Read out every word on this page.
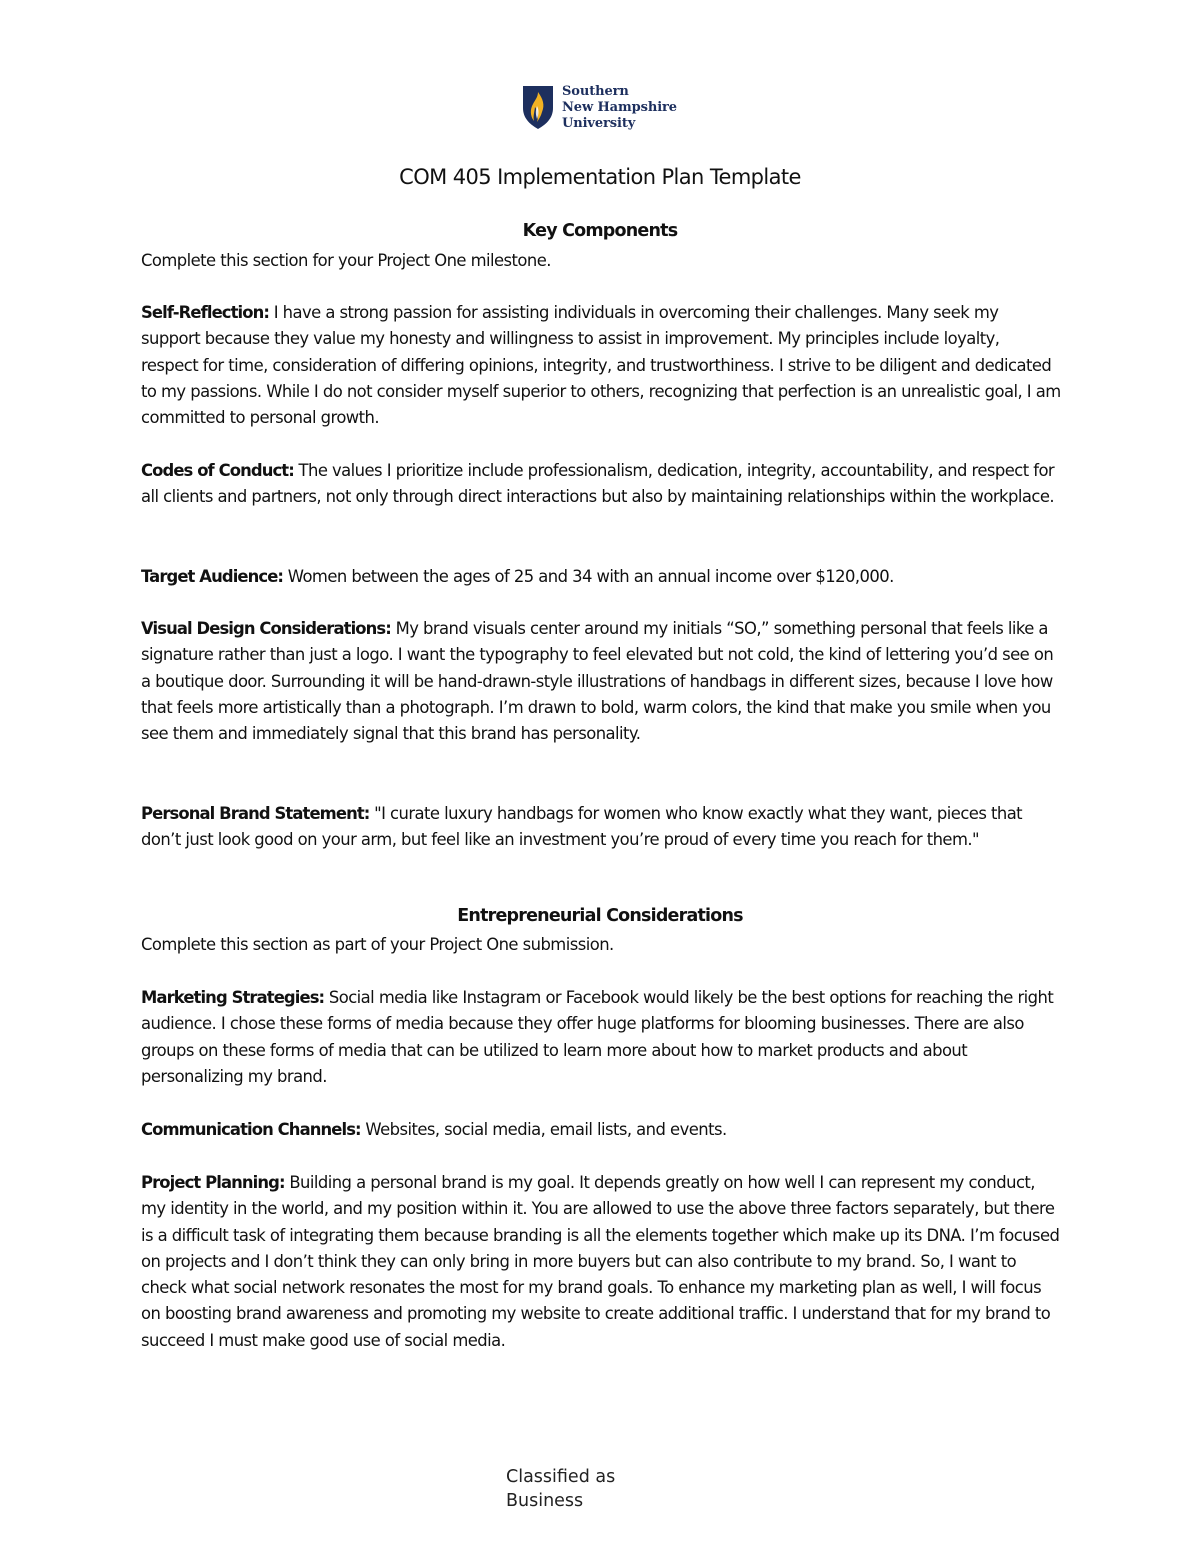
Southern
New Hampshire
University
COM 405 Implementation Plan Template
Key Components

Complete this section for your Project One milestone.

Self-Reflection: I have a strong passion for assisting individuals in overcoming their challenges. Many seek my support because they value my honesty and willingness to assist in improvement. My principles include loyalty, respect for time, consideration of differing opinions, integrity, and trustworthiness. I strive to be diligent and dedicated to my passions. While I do not consider myself superior to others, recognizing that perfection is an unrealistic goal, I am committed to personal growth.

Codes of Conduct: The values I prioritize include professionalism, dedication, integrity, accountability, and respect for all clients and partners, not only through direct interactions but also by maintaining relationships within the workplace.

Target Audience: Women between the ages of 25 and 34 with an annual income over $120,000.

Visual Design Considerations: My brand visuals center around my initials “SO,” something personal that feels like a signature rather than just a logo. I want the typography to feel elevated but not cold, the kind of lettering you’d see on a boutique door. Surrounding it will be hand-drawn-style illustrations of handbags in different sizes, because I love how that feels more artistically than a photograph. I’m drawn to bold, warm colors, the kind that make you smile when you see them and immediately signal that this brand has personality.

Personal Brand Statement: "I curate luxury handbags for women who know exactly what they want, pieces that don’t just look good on your arm, but feel like an investment you’re proud of every time you reach for them."

Entrepreneurial Considerations

Complete this section as part of your Project One submission.

Marketing Strategies: Social media like Instagram or Facebook would likely be the best options for reaching the right audience. I chose these forms of media because they offer huge platforms for blooming businesses. There are also groups on these forms of media that can be utilized to learn more about how to market products and about personalizing my brand.

Communication Channels: Websites, social media, email lists, and events.

Project Planning: Building a personal brand is my goal. It depends greatly on how well I can represent my conduct, my identity in the world, and my position within it. You are allowed to use the above three factors separately, but there is a difficult task of integrating them because branding is all the elements together which make up its DNA. I’m focused on projects and I don’t think they can only bring in more buyers but can also contribute to my brand. So, I want to check what social network resonates the most for my brand goals. To enhance my marketing plan as well, I will focus on boosting brand awareness and promoting my website to create additional traffic. I understand that for my brand to succeed I must make good use of social media.

Classified as
Business
